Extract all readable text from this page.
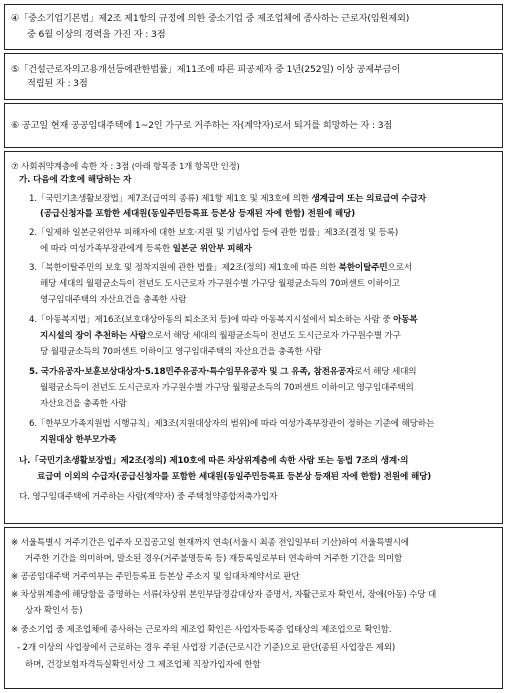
④「중소기업기본법」제2조 제1항의 규정에 의한 중소기업 중 제조업체에 종사하는 근로자(임원제외)
중 6월 이상의 경력을 가진 자 : 3점
⑤「건설근로자의고용개선등에관한법률」제11조에 따른 피공제자 중 1년(252일) 이상 공제부금이
적립된 자 : 3점
⑥ 공고일 현재 공공임대주택에 1~2인 가구로 거주하는 자(계약자)로서 퇴거를 희망하는 자 : 3점
⑦ 사회취약계층에 속한 자 : 3점 (아래 항목중 1개 항목만 인정)
가. 다음에 각호에 해당하는 자
1.「국민기초생활보장법」제7조(급여의 종류) 제1항 제1호 및 제3호에 의한 생계급여 또는 의료급여 수급자
(공급신청자를 포함한 세대원(동일주민등록표 등본상 등재된 자에 한함) 전원에 해당)
2.「일제하 일본군위안부 피해자에 대한 보호·지원 및 기념사업 등에 관한 법률」제3조(결정 및 등록)
에 따라 여성가족부장관에게 등록한 일본군 위안부 피해자
3.「북한이탈주민의 보호 및 정착지원에 관한 법률」제2조(정의) 제1호에 따른 의한 북한이탈주민으로서
해당 세대의 월평균소득이 전년도 도시근로자 가구원수별 가구당 월평균소득의 70퍼센트 이하이고
영구임대주택의 자산요건을 충족한 사람
4.「아동복지법」제16조(보호대상아동의 퇴소조치 등)에 따라 아동복지시설에서 퇴소하는 사람 중 아동복
지시설의 장이 추천하는 사람으로서 해당 세대의 월평균소득이 전년도 도시근로자 가구원수별 가구
당 월평균소득의 70퍼센트 이하이고 영구임대주택의 자산요건을 충족한 사람
5. 국가유공자·보훈보상대상자·5.18민주유공자·특수임무유공자 및 그 유족, 참전유공자로서 해당 세대의
월평균소득이 전년도 도시근로자 가구원수별 가구당 월평균소득의 70퍼센트 이하이고 영구임대주택의
자산요건을 충족한 사람
6.「한부모가족지원법 시행규칙」제3조(지원대상자의 범위)에 따라 여성가족부장관이 정하는 기준에 해당하는
지원대상 한부모가족
나.「국민기초생활보장법」제2조(정의) 제10호에 따른 차상위계층에 속한 사람 또는 동법 7조의 생계·의
료급여 이외의 수급자(공급신청자를 포함한 세대원(동일주민등록표 등본상 등재된 자에 한함) 전원에 해당)
다. 영구임대주택에 거주하는 사람(계약자) 중 주택청약종합저축가입자
※ 서울특별시 거주기간은 입주자 모집공고일 현재까지 연속(서울시 최종 전입일부터 기산)하여 서울특별시에
거주한 기간을 의미하며, 말소된 경우(거주불명등록 등) 재등록일로부터 연속하여 거주한 기간을 의미함
※ 공공임대주택 거주여부는 주민등록표 등본상 주소지 및 임대차계약서로 판단
※ 차상위계층에 해당함을 증명하는 서류(차상위 본인부담경감대상자 증명서, 자활근로자 확인서, 장애(아동) 수당 대
상자 확인서 등)
※ 중소기업 중 제조업체에 종사하는 근로자의 제조업 확인은 사업자등록증 업태상의 제조업으로 확인함.
- 2개 이상의 사업장에서 근로하는 경우 주된 사업장 기준(근로시간 기준)으로 판단(종된 사업장은 제외)
하며, 건강보험자격득실확인서상 그 제조업체 직장가입자에 한함
